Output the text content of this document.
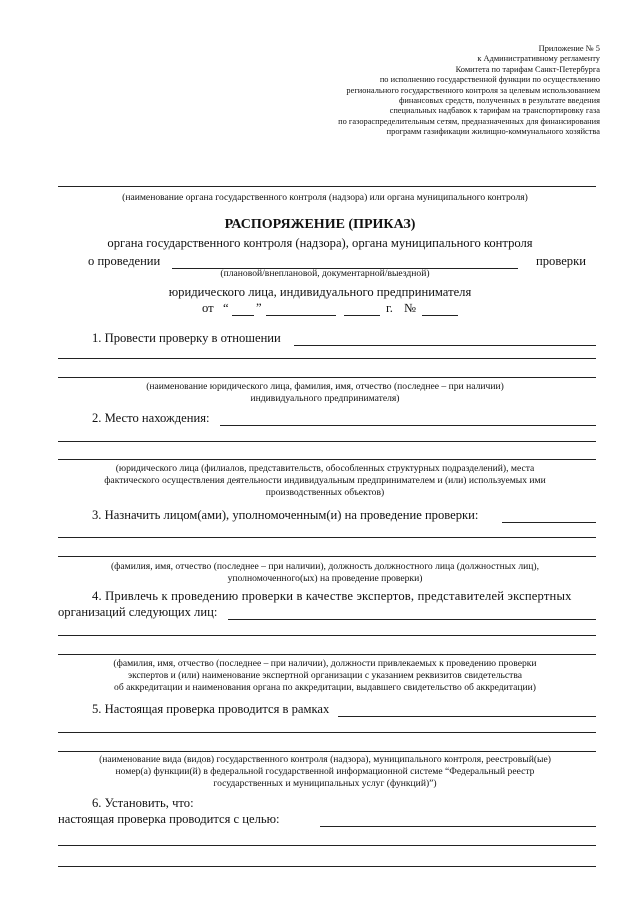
Приложение № 5
к Административному регламенту
Комитета по тарифам Санкт-Петербурга
по исполнению государственной функции по осуществлению
регионального государственного контроля за целевым использованием
финансовых средств, полученных в результате введения
специальных надбавок к тарифам на транспортировку газа
по газораспределительным сетям, предназначенных для финансирования
программ газификации жилищно-коммунального хозяйства
(наименование органа государственного контроля (надзора) или органа муниципального контроля)
РАСПОРЯЖЕНИЕ (ПРИКАЗ)
органа государственного контроля (надзора), органа муниципального контроля
о проведении	проверки
(плановой/внеплановой, документарной/выездной)
юридического лица, индивидуального предпринимателя
от “ ”	г. №
1. Провести проверку в отношении
(наименование юридического лица, фамилия, имя, отчество (последнее – при наличии)
индивидуального предпринимателя)
2. Место нахождения:
(юридического лица (филиалов, представительств, обособленных структурных подразделений), места
фактического осуществления деятельности индивидуальным предпринимателем и (или) используемых ими
производственных объектов)
3. Назначить лицом(ами), уполномоченным(и) на проведение проверки:
(фамилия, имя, отчество (последнее – при наличии), должность должностного лица (должностных лиц),
уполномоченного(ых) на проведение проверки)
4. Привлечь к проведению проверки в качестве экспертов, представителей экспертных
организаций следующих лиц:
(фамилия, имя, отчество (последнее – при наличии), должности привлекаемых к проведению проверки
экспертов и (или) наименование экспертной организации с указанием реквизитов свидетельства
об аккредитации и наименования органа по аккредитации, выдавшего свидетельство об аккредитации)
5. Настоящая проверка проводится в рамках
(наименование вида (видов) государственного контроля (надзора), муниципального контроля, реестровый(ые)
номер(а) функции(й) в федеральной государственной информационной системе “Федеральный реестр
государственных и муниципальных услуг (функций)”)
6. Установить, что:
настоящая проверка проводится с целью:
